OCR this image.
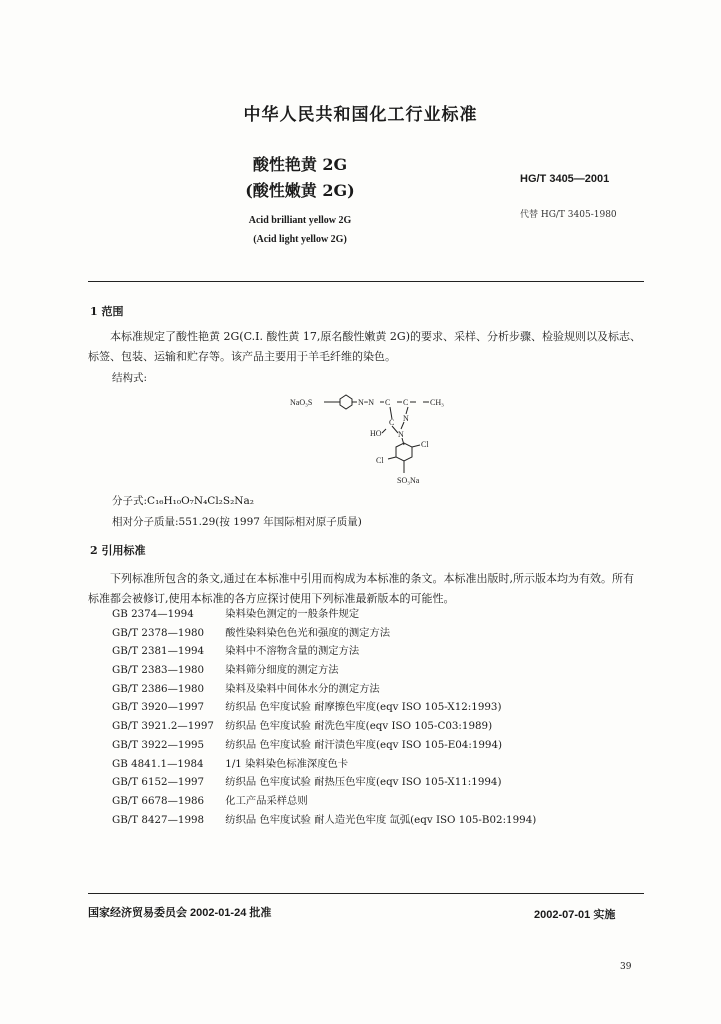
中华人民共和国化工行业标准
酸性艳黄 2G
(酸性嫩黄 2G)
Acid brilliant yellow 2G
(Acid light yellow 2G)
HG/T 3405—2001
代替 HG/T 3405-1980
1 范围
本标准规定了酸性艳黄 2G(C.I. 酸性黄 17,原名酸性嫩黄 2G)的要求、采样、分析步骤、检验规则以及标志、标签、包装、运输和贮存等。该产品主要用于羊毛纤维的染色。
结构式:
NaO₃S	N=N C C	CH₃
C N
HO N
Cl
Cl
SO₃Na
分子式:C₁₆H₁₀O₇N₄Cl₂S₂Na₂
相对分子质量:551.29(按 1997 年国际相对原子质量)
2 引用标准
下列标准所包含的条文,通过在本标准中引用而构成为本标准的条文。本标准出版时,所示版本均为有效。所有标准都会被修订,使用本标准的各方应探讨使用下列标准最新版本的可能性。
GB 2374—1994	染料染色测定的一般条件规定
GB/T 2378—1980 酸性染料染色色光和强度的测定方法
GB/T 2381—1994 染料中不溶物含量的测定方法
GB/T 2383—1980 染料筛分细度的测定方法
GB/T 2386—1980 染料及染料中间体水分的测定方法
GB/T 3920—1997 纺织品 色牢度试验 耐摩擦色牢度(eqv ISO 105-X12:1993)
GB/T 3921.2—1997 纺织品 色牢度试验 耐洗色牢度(eqv ISO 105-C03:1989)
GB/T 3922—1995 纺织品 色牢度试验 耐汗渍色牢度(eqv ISO 105-E04:1994)
GB 4841.1—1984 1/1 染料染色标准深度色卡
GB/T 6152—1997 纺织品 色牢度试验 耐热压色牢度(eqv ISO 105-X11:1994)
GB/T 6678—1986 化工产品采样总则
GB/T 8427—1998 纺织品 色牢度试验 耐人造光色牢度 氙弧(eqv ISO 105-B02:1994)
国家经济贸易委员会 2002-01-24 批准	2002-07-01 实施
39
